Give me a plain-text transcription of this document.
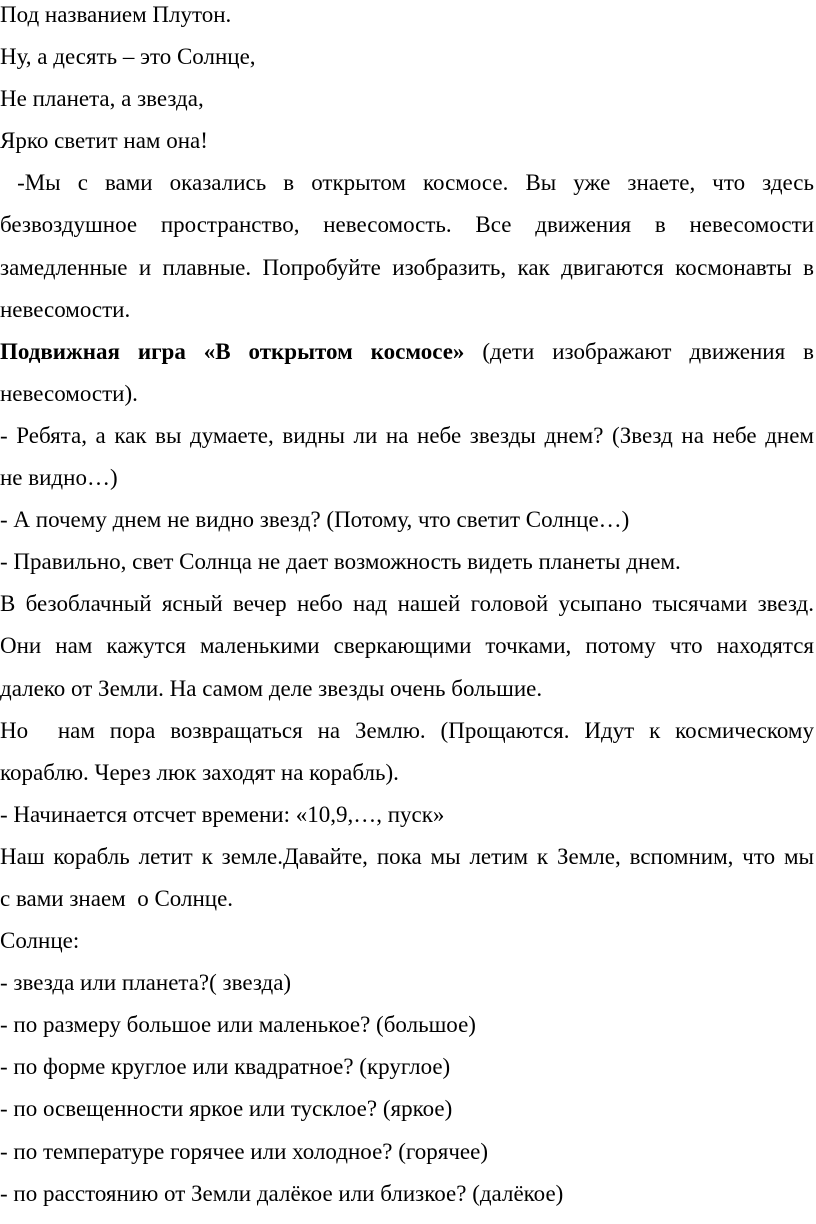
Под названием Плутон.
Ну, а десять – это Солнце,
Не планета, а звезда,
Ярко светит нам она!
-Мы с вами оказались в открытом космосе. Вы уже знаете, что здесь
безвоздушное пространство, невесомость. Все движения в невесомости
замедленные и плавные. Попробуйте изобразить, как двигаются космонавты в
невесомости.
Подвижная игра «В открытом космосе» (дети изображают движения в
невесомости).
- Ребята, а как вы думаете, видны ли на небе звезды днем? (Звезд на небе днем
не видно…)
- А почему днем не видно звезд? (Потому, что светит Солнце…)
- Правильно, свет Солнца не дает возможность видеть планеты днем.
В безоблачный ясный вечер небо над нашей головой усыпано тысячами звезд.
Они нам кажутся маленькими сверкающими точками, потому что находятся
далеко от Земли. На самом деле звезды очень большие.
Но  нам пора возвращаться на Землю. (Прощаются. Идут к космическому
кораблю. Через люк заходят на корабль).
- Начинается отсчет времени: «10,9,…, пуск»
Наш корабль летит к земле.Давайте, пока мы летим к Земле, вспомним, что мы
с вами знаем  о Солнце.
Солнце:
- звезда или планета?( звезда)
- по размеру большое или маленькое? (большое)
- по форме круглое или квадратное? (круглое)
- по освещенности яркое или тусклое? (яркое)
- по температуре горячее или холодное? (горячее)
- по расстоянию от Земли далёкое или близкое? (далёкое)
